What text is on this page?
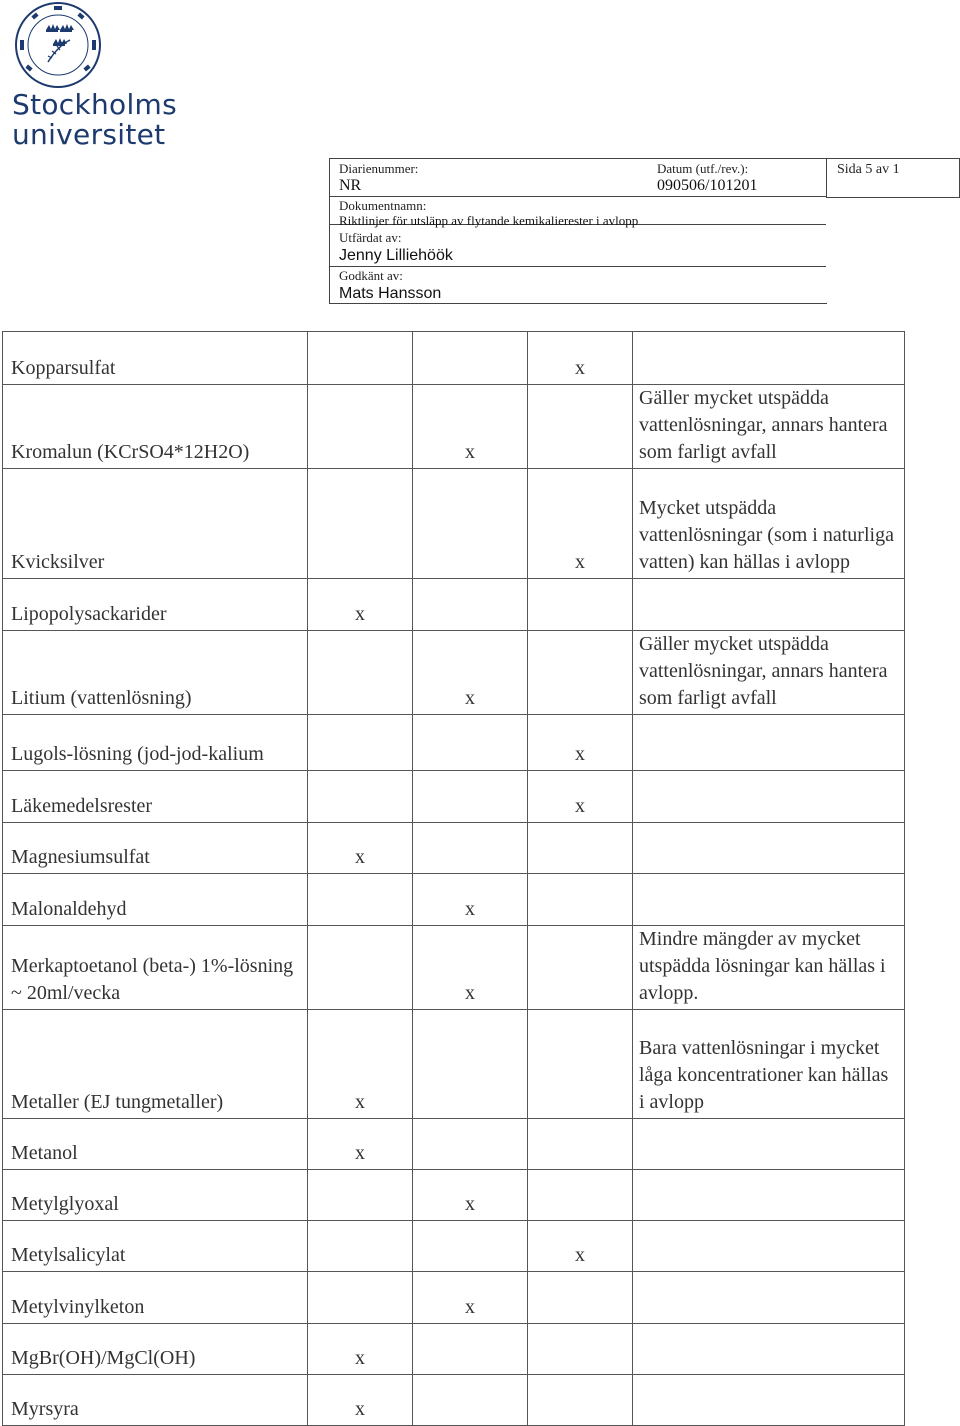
Stockholms
universitet
Diarienummer:
NR
Datum (utf./rev.):
090506/101201
Sida 5 av 1
Dokumentnamn:
Riktlinjer för utsläpp av flytande kemikalierester i avlopp
Utfärdat av:
Jenny Lilliehöök
Godkänt av:
Mats Hansson
Kopparsulfat			x	
Kromalun (KCrSO4*12H2O)		x		Gäller mycket utspädda vattenlösningar, annars hantera som farligt avfall
Kvicksilver			x	Mycket utspädda vattenlösningar (som i naturliga vatten) kan hällas i avlopp
Lipopolysackarider	x			
Litium (vattenlösning)		x		Gäller mycket utspädda vattenlösningar, annars hantera som farligt avfall
Lugols-lösning (jod-jod-kalium			x	
Läkemedelsrester			x	
Magnesiumsulfat	x			
Malonaldehyd		x		
Merkaptoetanol (beta-) 1%-lösning ~ 20ml/vecka		x		Mindre mängder av mycket utspädda lösningar kan hällas i avlopp.
Metaller (EJ tungmetaller)	x			Bara vattenlösningar i mycket låga koncentrationer kan hällas i avlopp
Metanol	x			
Metylglyoxal		x		
Metylsalicylat			x	
Metylvinylketon		x		
MgBr(OH)/MgCl(OH)	x			
Myrsyra	x			
